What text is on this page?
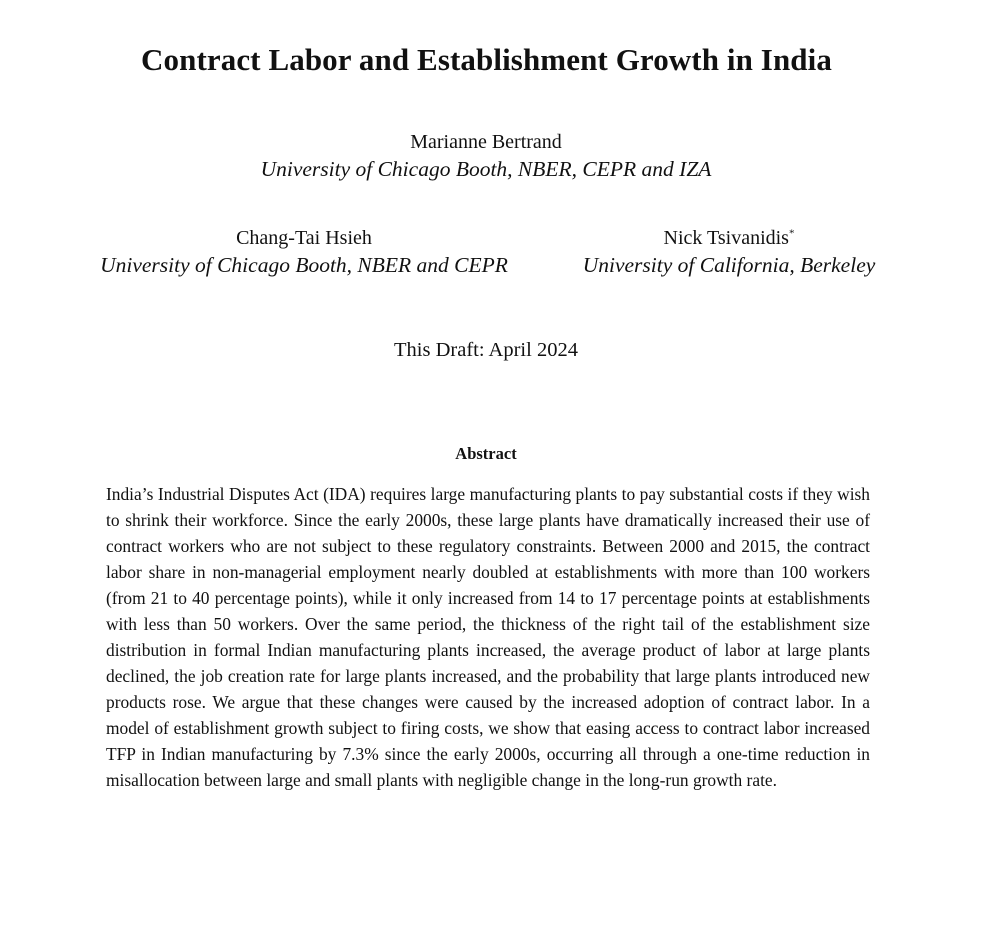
Contract Labor and Establishment Growth in India
Marianne Bertrand
University of Chicago Booth, NBER, CEPR and IZA
Chang-Tai Hsieh
University of Chicago Booth, NBER and CEPR
Nick Tsivanidis*
University of California, Berkeley
This Draft: April 2024
Abstract
India’s Industrial Disputes Act (IDA) requires large manufacturing plants to pay substantial costs if they wish to shrink their workforce. Since the early 2000s, these large plants have dramatically increased their use of contract workers who are not subject to these regulatory constraints. Between 2000 and 2015, the contract labor share in non-managerial employment nearly doubled at establishments with more than 100 workers (from 21 to 40 percentage points), while it only increased from 14 to 17 percentage points at establishments with less than 50 workers. Over the same period, the thickness of the right tail of the establishment size distribution in formal Indian manufacturing plants increased, the average product of labor at large plants declined, the job creation rate for large plants increased, and the probability that large plants introduced new products rose. We argue that these changes were caused by the increased adoption of contract labor. In a model of establishment growth subject to firing costs, we show that easing access to contract labor increased TFP in Indian manufacturing by 7.3% since the early 2000s, occurring all through a one-time reduction in misallocation between large and small plants with negligible change in the long-run growth rate.
